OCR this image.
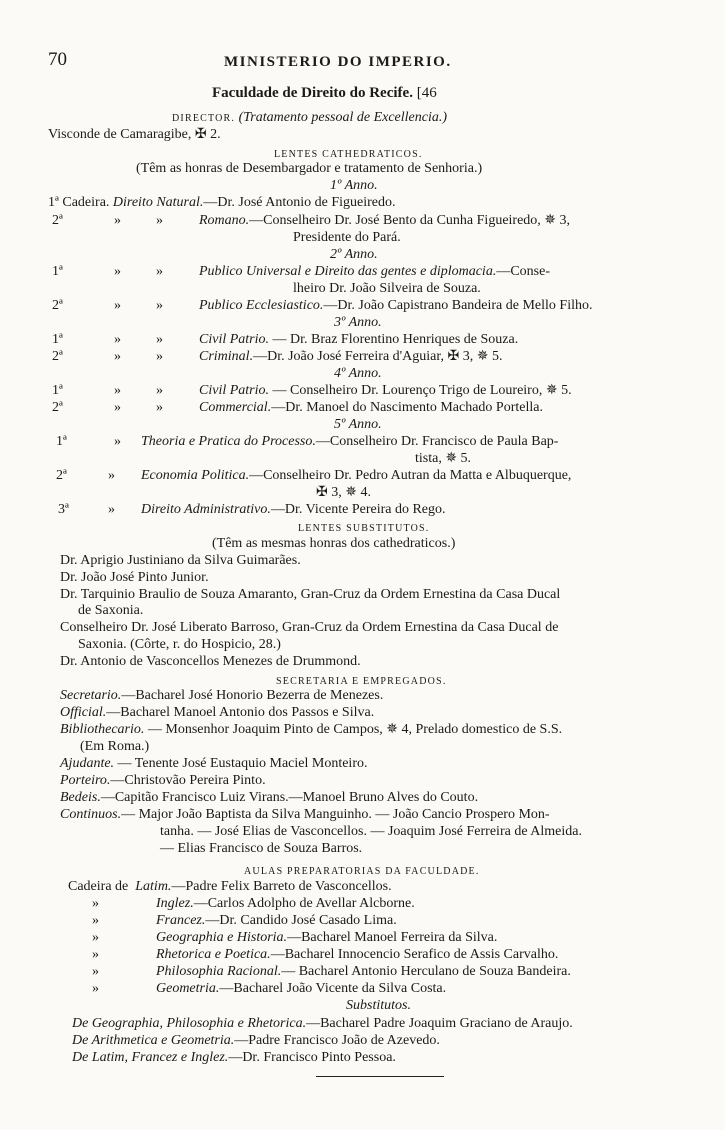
70	MINISTERIO DO IMPERIO.
Faculdade de Direito do Recife. [46
DIRECTOR. (Tratamento pessoal de Excellencia.)
Visconde de Camaragibe, ✠ 2.
LENTES CATHEDRATICOS.
(Têm as honras de Desembargador e tratamento de Senhoria.)
1º Anno.
1ª Cadeira. Direito Natural.—Dr. José Antonio de Figueiredo.
2ª	»	»	Romano.—Conselheiro Dr. José Bento da Cunha Figueiredo, ✵ 3,
Presidente do Pará.
2º Anno.
1ª	»	»	Publico Universal e Direito das gentes e diplomacia.—Conse-
lheiro Dr. João Silveira de Souza.
2ª	»	»	Publico Ecclesiastico.—Dr. João Capistrano Bandeira de Mello Filho.
3º Anno.
1ª	»	»	Civil Patrio. — Dr. Braz Florentino Henriques de Souza.
2ª	»	»	Criminal.—Dr. João José Ferreira d'Aguiar, ✠ 3, ✵ 5.
4º Anno.
1ª	»	»	Civil Patrio. — Conselheiro Dr. Lourenço Trigo de Loureiro, ✵ 5.
2ª	»	»	Commercial.—Dr. Manoel do Nascimento Machado Portella.
5º Anno.
1ª	» Theoria e Pratica do Processo.—Conselheiro Dr. Francisco de Paula Bap-
tista, ✵ 5.
2ª	» Economia Politica.—Conselheiro Dr. Pedro Autran da Matta e Albuquerque,
✠ 3, ✵ 4.
3ª	» Direito Administrativo.—Dr. Vicente Pereira do Rego.
LENTES SUBSTITUTOS.
(Têm as mesmas honras dos cathedraticos.)
Dr. Aprigio Justiniano da Silva Guimarães.
Dr. João José Pinto Junior.
Dr. Tarquinio Braulio de Souza Amaranto, Gran-Cruz da Ordem Ernestina da Casa Ducal
de Saxonia.
Conselheiro Dr. José Liberato Barroso, Gran-Cruz da Ordem Ernestina da Casa Ducal de
Saxonia. (Côrte, r. do Hospicio, 28.)
Dr. Antonio de Vasconcellos Menezes de Drummond.
SECRETARIA E EMPREGADOS.
Secretario.—Bacharel José Honorio Bezerra de Menezes.
Official.—Bacharel Manoel Antonio dos Passos e Silva.
Bibliothecario. — Monsenhor Joaquim Pinto de Campos, ✵ 4, Prelado domestico de S.S.
(Em Roma.)
Ajudante. — Tenente José Eustaquio Maciel Monteiro.
Porteiro.—Christovão Pereira Pinto.
Bedeis.—Capitão Francisco Luiz Virans.—Manoel Bruno Alves do Couto.
Continuos.— Major João Baptista da Silva Manguinho. — João Cancio Prospero Mon-
tanha. — José Elias de Vasconcellos. — Joaquim José Ferreira de Almeida.
— Elias Francisco de Souza Barros.
AULAS PREPARATORIAS DA FACULDADE.
Cadeira de Latim.—Padre Felix Barreto de Vasconcellos.
»	Inglez.—Carlos Adolpho de Avellar Alcborne.
»	Francez.—Dr. Candido José Casado Lima.
»	Geographia e Historia.—Bacharel Manoel Ferreira da Silva.
»	Rhetorica e Poetica.—Bacharel Innocencio Serafico de Assis Carvalho.
»	Philosophia Racional.— Bacharel Antonio Herculano de Souza Bandeira.
»	Geometria.—Bacharel João Vicente da Silva Costa.
Substitutos.
De Geographia, Philosophia e Rhetorica.—Bacharel Padre Joaquim Graciano de Araujo.
De Arithmetica e Geometria.—Padre Francisco João de Azevedo.
De Latim, Francez e Inglez.—Dr. Francisco Pinto Pessoa.
